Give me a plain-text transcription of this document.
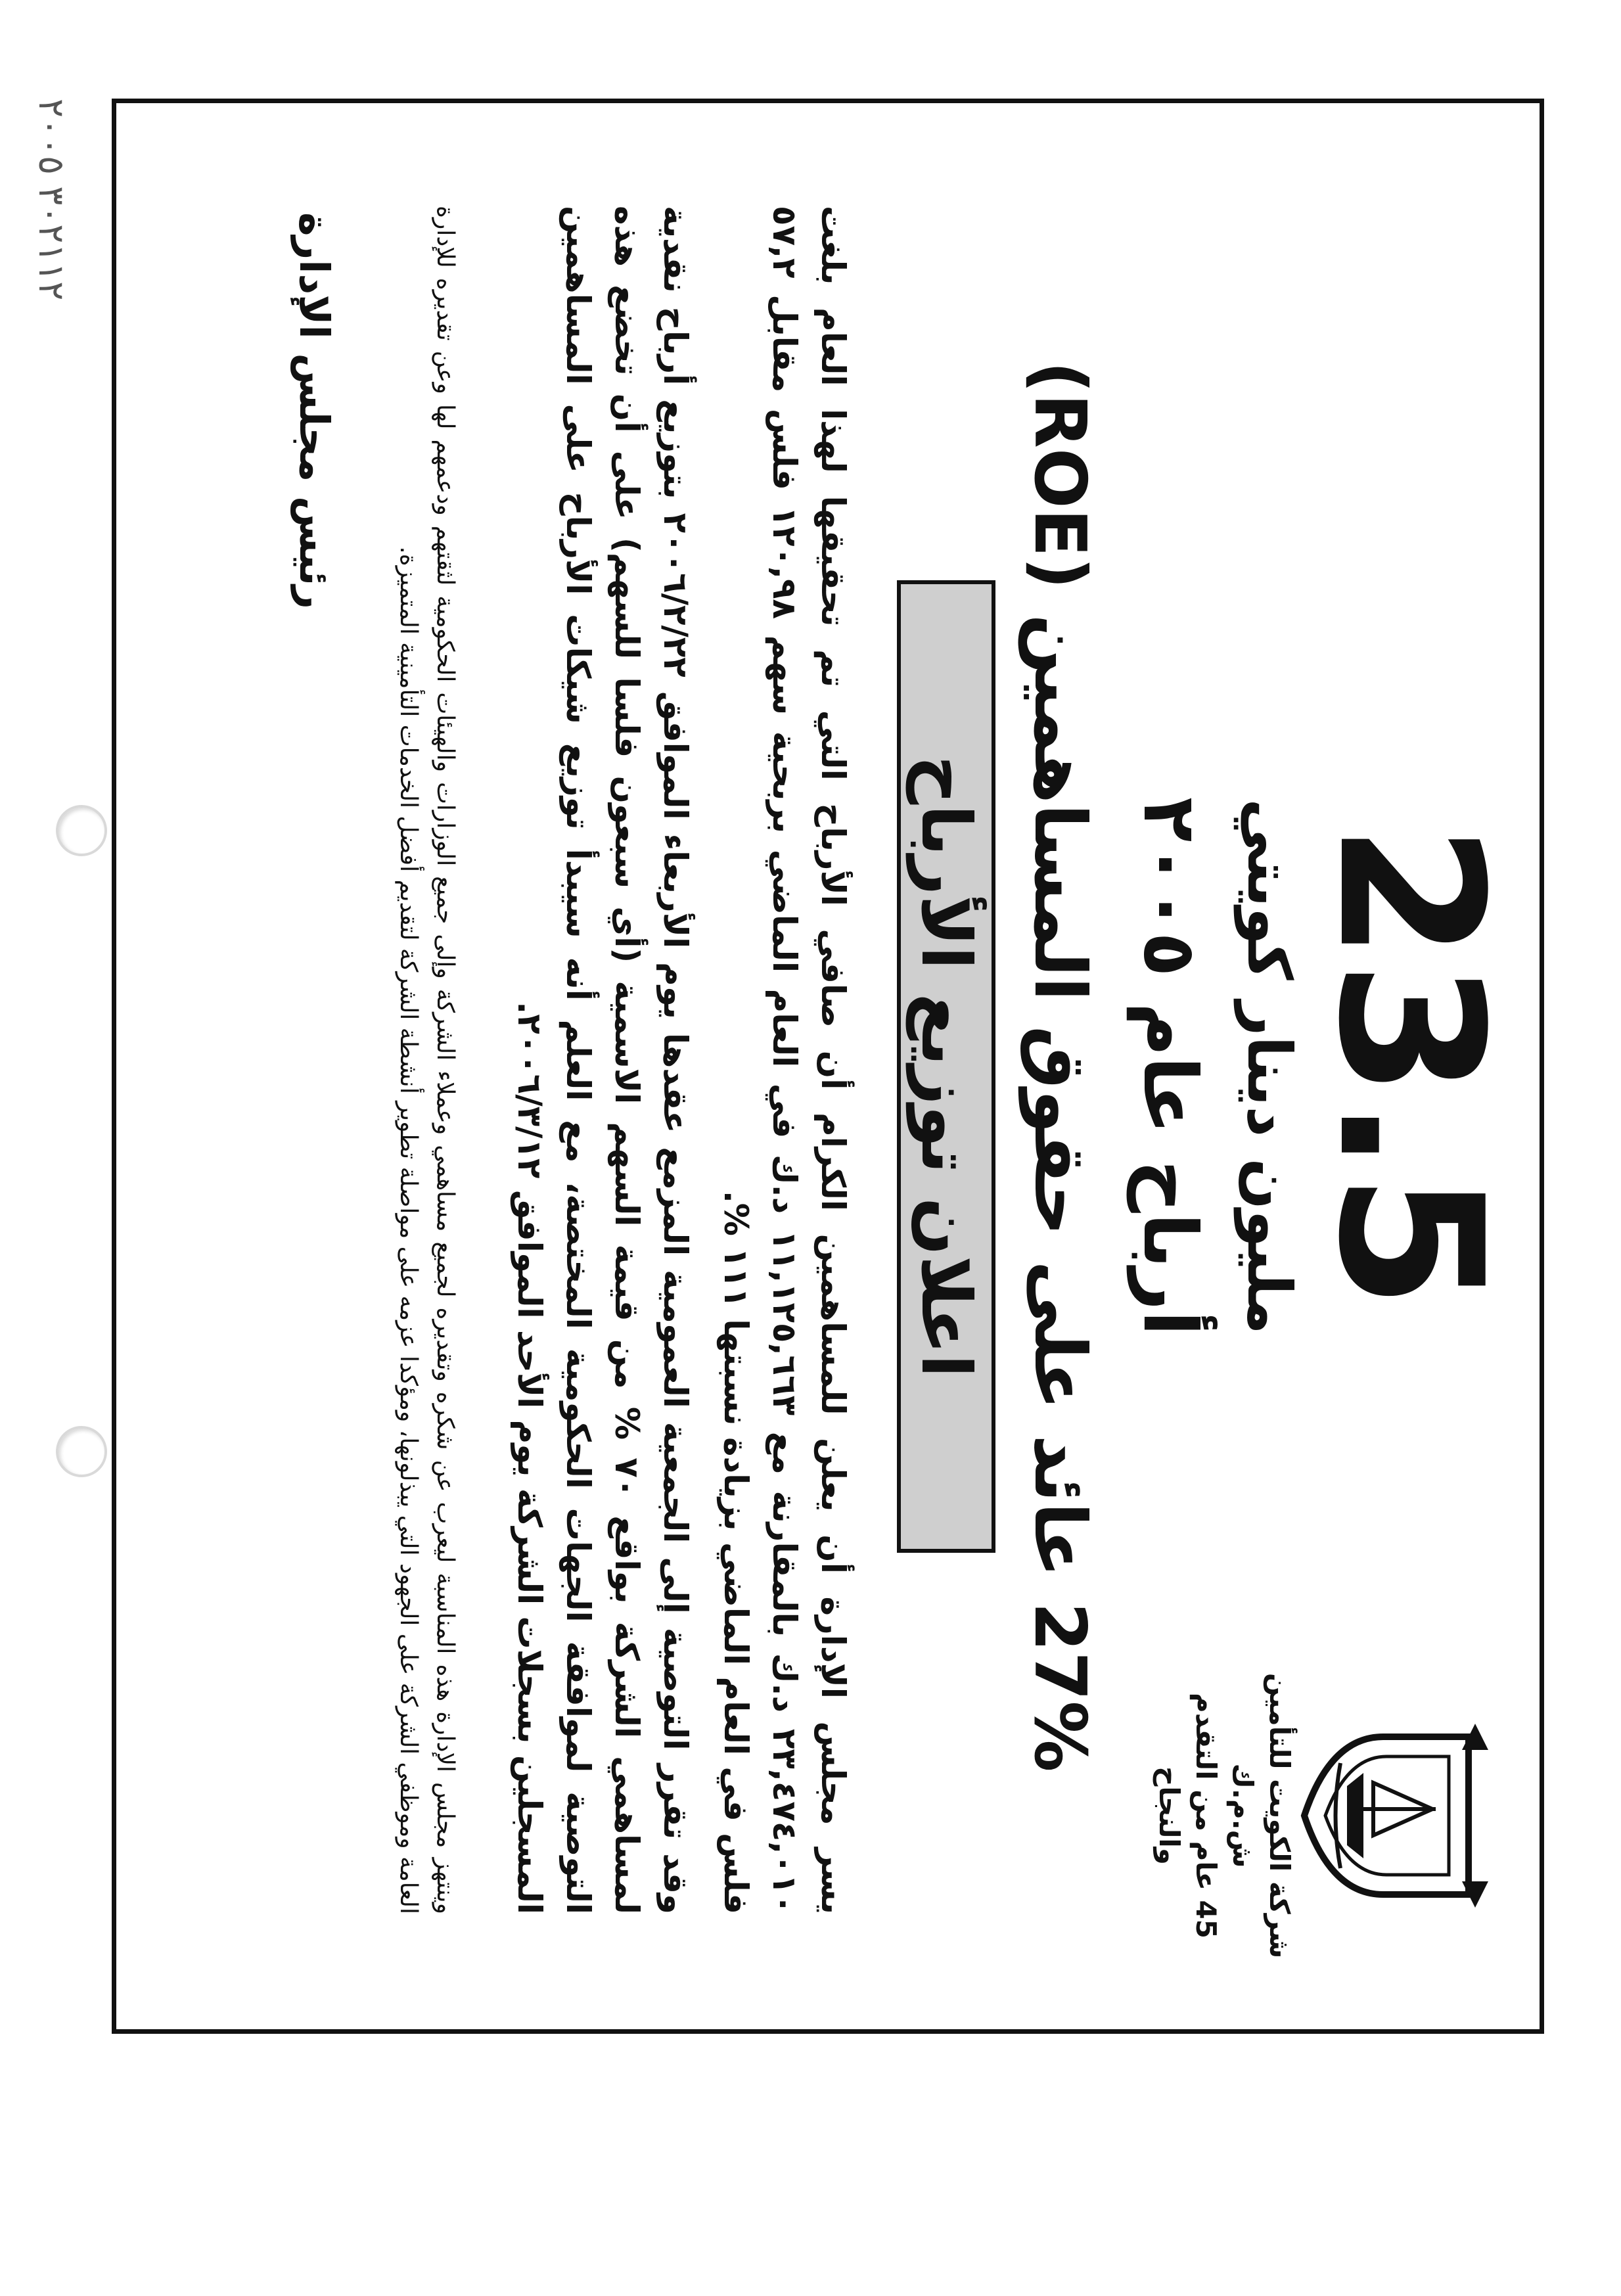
٣٠٢١١٢ ٢٠٠٥
شركة الكويت للتأمين ش.م.ك
45 عام من التقدم والنجاح
23.5
مليون دينار كويتي
أرباح عام ٢٠٠٥
27% عائد على حقوق المساهمين (ROE)
اعلان توزيع الأرباح
يسر مجلس الإدارة أن يعلن للمساهمين الكرام أن صافي الأرباح التي تم تحقيقها لهذا العام بلغت ٢٣,٤٧٤,٠١٠ د.ك بالمقارنة مع ١١,١٢٥,٦٦٣ د.ك في العام الماضي بربحية سهم ١٢٠,٩٨ فلس مقابل ٥٧,٢ فلس في العام الماضي بزيادة نسبتها ١١١ %.
وقد تقرر التوصية إلى الجمعية العمومية المزمع عقدها يوم الأربعاء الموافق ٢٠٠٦/٢/٢٢ بتوزيع أرباح نقدية لمساهمي الشركة بواقع ٧٠ % من قيمة السهم الاسمية (أي سبعون فلسا للسهم) على أن تخضع هذه التوصية لموافقة الجهات الحكومية المختصة، مع العلم أنه سيبدأ توزيع شيكات الأرباح على المساهمين المسجلين بسجلات الشركة يوم الأحد الموافق ٢٠٠٦/٣/١٢.
وينتهز مجلس الإدارة هذه المناسبة ليعرب عن شكره وتقديره لجميع مساهمي وعملاء الشركة وإلى جميع الوزارات والهيئات الحكومية لثقتهم ودعمهم لها وعن تقديره للإدارة العامة وموظفي الشركة على الجهود التي يبذلونها، ومؤكدا عزمه على مواصلة تطوير أنشطة الشركة لتقديم أفضل الخدمات التأمينية المتميزة.
رئيس مجلس الإدارة
